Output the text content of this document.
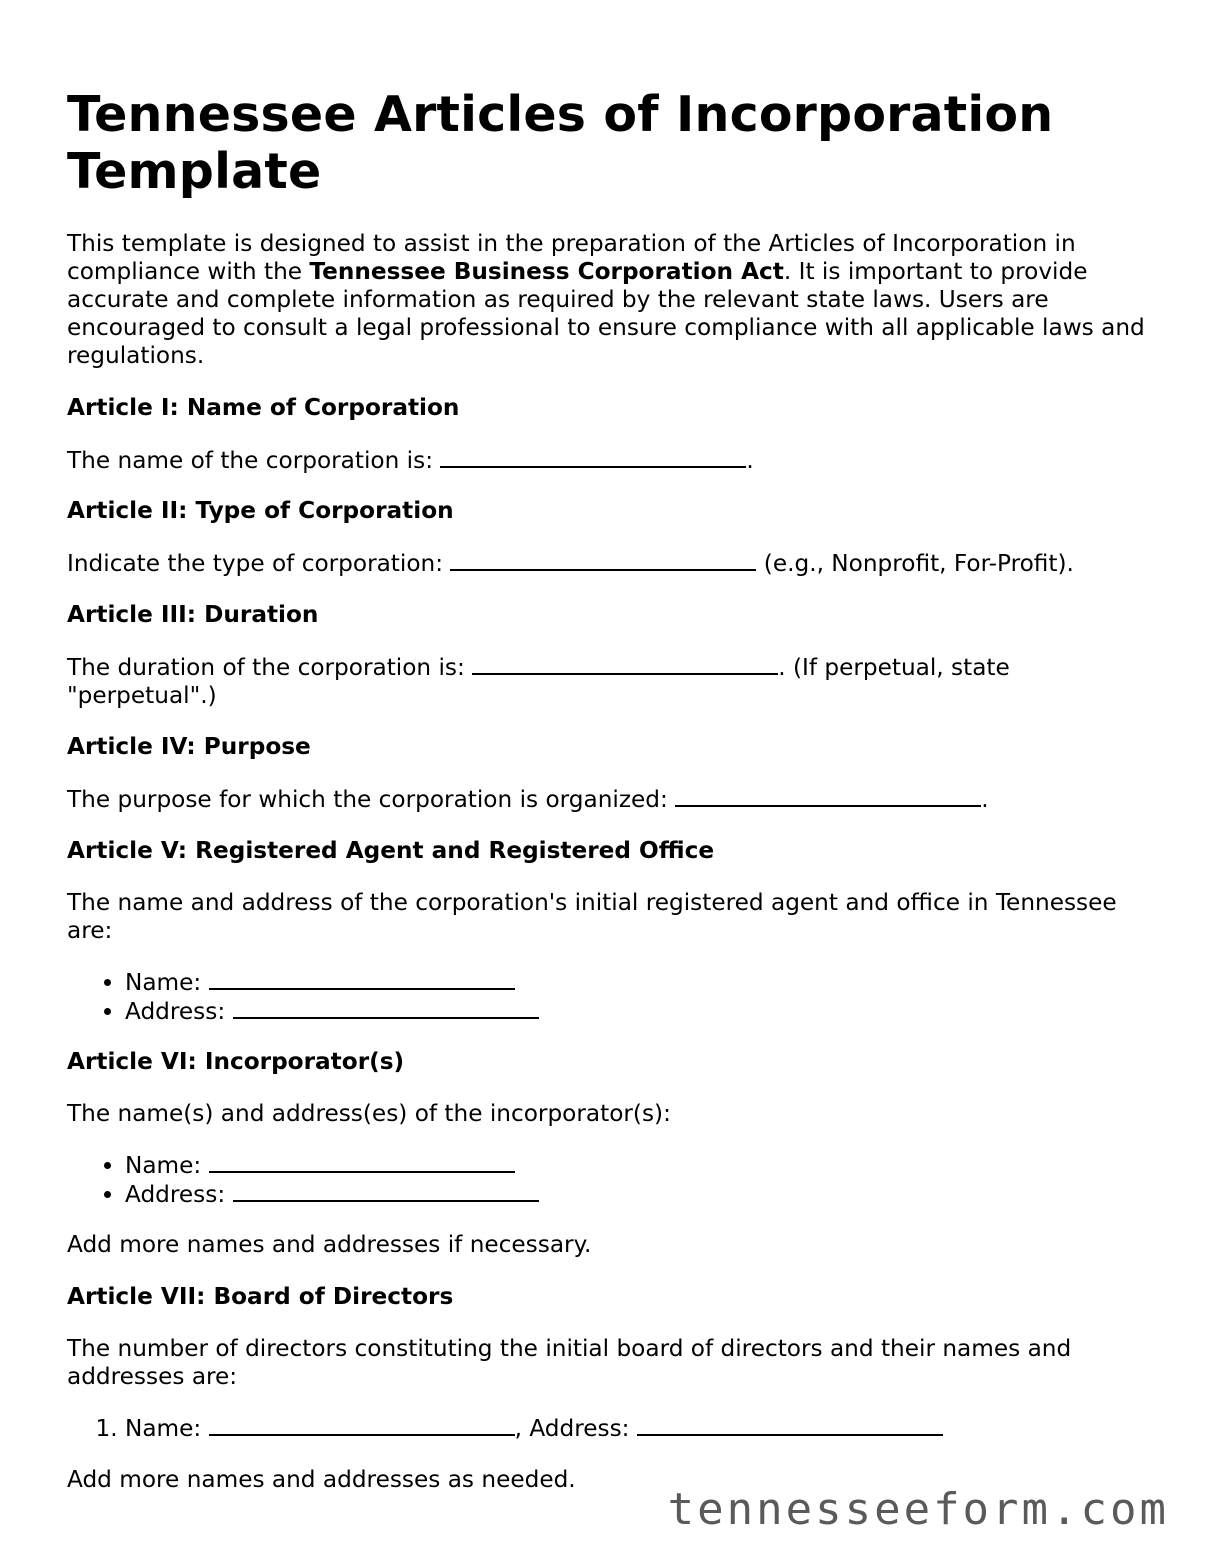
Tennessee Articles of Incorporation Template
This template is designed to assist in the preparation of the Articles of Incorporation in compliance with the Tennessee Business Corporation Act. It is important to provide accurate and complete information as required by the relevant state laws. Users are encouraged to consult a legal professional to ensure compliance with all applicable laws and regulations.
Article I: Name of Corporation
The name of the corporation is:	.
Article II: Type of Corporation
Indicate the type of corporation:	(e.g., Nonprofit, For-Profit).
Article III: Duration
The duration of the corporation is:	. (If perpetual, state "perpetual".)
Article IV: Purpose
The purpose for which the corporation is organized:	.
Article V: Registered Agent and Registered Office
The name and address of the corporation's initial registered agent and office in Tennessee are:
• Name:
• Address:
Article VI: Incorporator(s)
The name(s) and address(es) of the incorporator(s):
• Name:
• Address:
Add more names and addresses if necessary.
Article VII: Board of Directors
The number of directors constituting the initial board of directors and their names and addresses are:
1. Name:	, Address:
Add more names and addresses as needed.
tennesseeform.com
